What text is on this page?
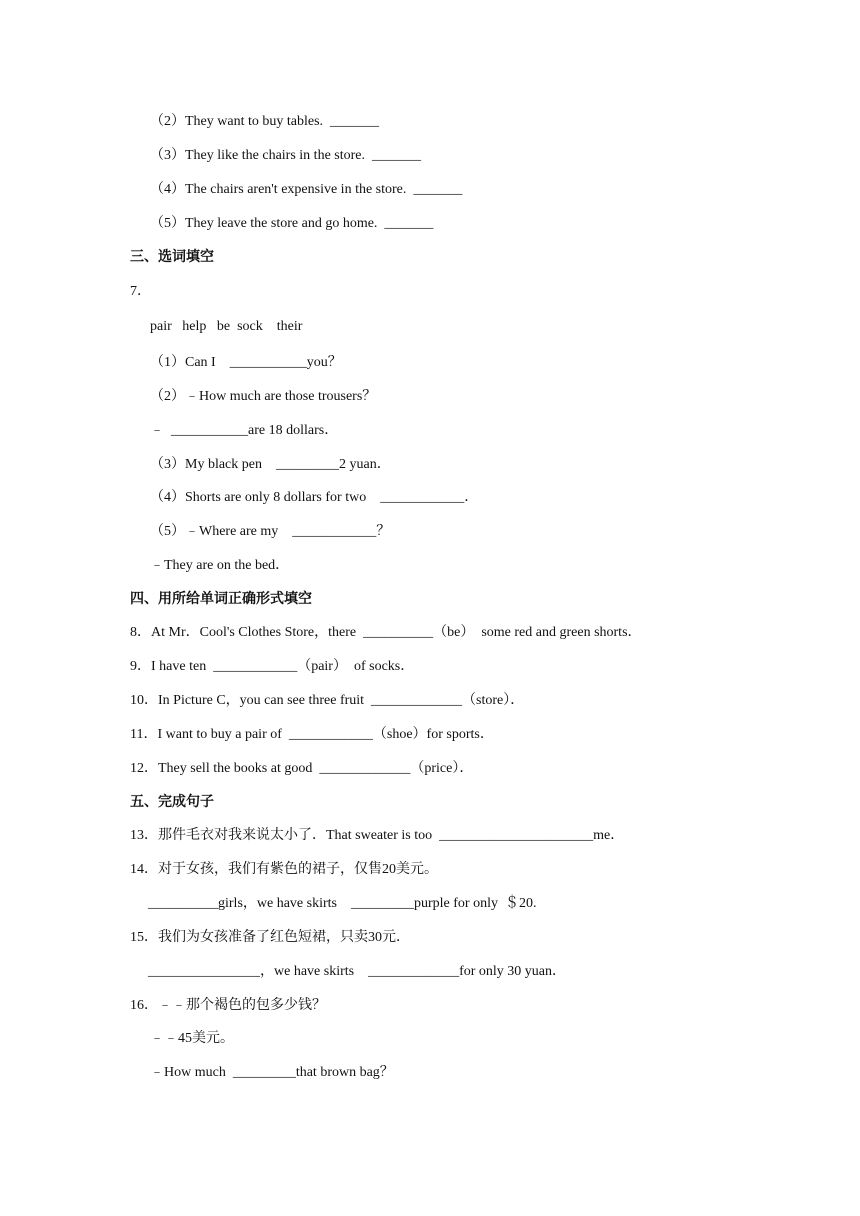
（2）They want to buy tables.  _______
（3）They like the chairs in the store.  _______
（4）The chairs aren't expensive in the store.  _______
（5）They leave the store and go home.  _______
三、选词填空
7．
pair   help   be  sock    their
（1）Can I    ___________you？
（2）﹣How much are those trousers？
﹣  ___________are 18 dollars．
（3）My black pen    _________2 yuan．
（4）Shorts are only 8 dollars for two    ____________．
（5）﹣Where are my    ____________？
﹣They are on the bed．
四、用所给单词正确形式填空
8．At Mr．Cool's Clothes Store，there  __________（be）  some red and green shorts．
9．I have ten  ____________（pair）  of socks．
10．In Picture C，you can see three fruit  _____________（store）．
11．I want to buy a pair of  ____________（shoe）for sports．
12．They sell the books at good  _____________（price）．
五、完成句子
13．那件毛衣对我来说太小了．That sweater is too  ______________________me．
14．对于女孩，我们有紫色的裙子，仅售20美元。
__________girls，we have skirts    _________purple for only  ＄20.
15．我们为女孩准备了红色短裙，只卖30元．
________________，we have skirts    _____________for only 30 yuan．
16．﹣﹣那个褐色的包多少钱？
﹣﹣45美元。
﹣How much  _________that brown bag？
